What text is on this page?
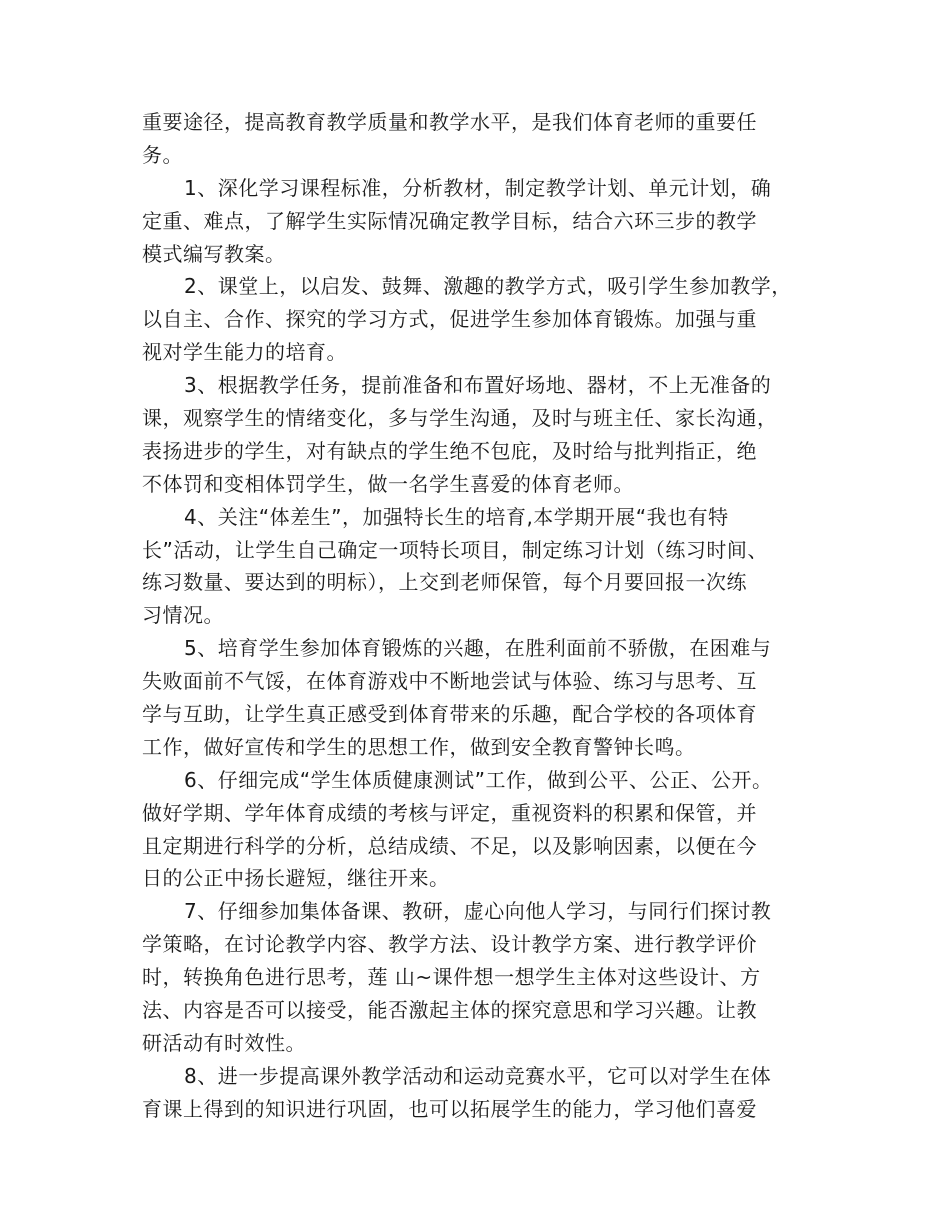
重要途径，提高教育教学质量和教学水平，是我们体育老师的重要任
务。
1、深化学习课程标准，分析教材，制定教学计划、单元计划，确
定重、难点，了解学生实际情况确定教学目标，结合六环三步的教学
模式编写教案。
2、课堂上，以启发、鼓舞、激趣的教学方式，吸引学生参加教学，
以自主、合作、探究的学习方式，促进学生参加体育锻炼。加强与重
视对学生能力的培育。
3、根据教学任务，提前准备和布置好场地、器材，不上无准备的
课，观察学生的情绪变化，多与学生沟通，及时与班主任、家长沟通，
表扬进步的学生，对有缺点的学生绝不包庇，及时给与批判指正，绝
不体罚和变相体罚学生，做一名学生喜爱的体育老师。
4、关注“体差生”，加强特长生的培育,本学期开展“我也有特
长”活动，让学生自己确定一项特长项目，制定练习计划（练习时间、
练习数量、要达到的明标），上交到老师保管，每个月要回报一次练
习情况。
5、培育学生参加体育锻炼的兴趣，在胜利面前不骄傲，在困难与
失败面前不气馁，在体育游戏中不断地尝试与体验、练习与思考、互
学与互助，让学生真正感受到体育带来的乐趣，配合学校的各项体育
工作，做好宣传和学生的思想工作，做到安全教育警钟长鸣。
6、仔细完成“学生体质健康测试”工作，做到公平、公正、公开。
做好学期、学年体育成绩的考核与评定，重视资料的积累和保管，并
且定期进行科学的分析，总结成绩、不足，以及影响因素，以便在今
日的公正中扬长避短，继往开来。
7、仔细参加集体备课、教研，虚心向他人学习，与同行们探讨教
学策略，在讨论教学内容、教学方法、设计教学方案、进行教学评价
时，转换角色进行思考，莲 山~课件想一想学生主体对这些设计、方
法、内容是否可以接受，能否激起主体的探究意思和学习兴趣。让教
研活动有时效性。
8、进一步提高课外教学活动和运动竞赛水平，它可以对学生在体
育课上得到的知识进行巩固，也可以拓展学生的能力，学习他们喜爱
